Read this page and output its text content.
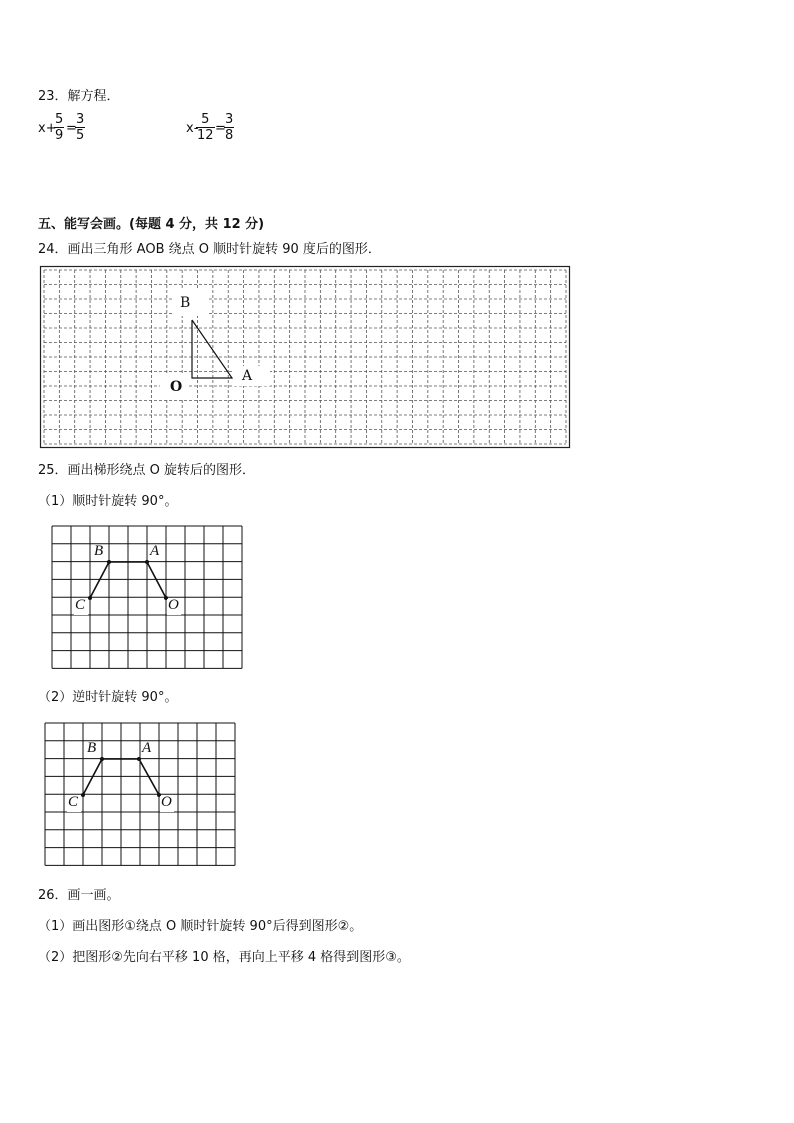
23．解方程．
x+
$\frac{5}{9}$ =
$\frac{3}{5}$	x-
$\frac{5}{12}$ =
$\frac{3}{8}$
五、能写会画。(每题 4 分，共 12 分)
24．画出三角形 AOB 绕点 O 顺时针旋转 90 度后的图形．
B
A
O
25．画出梯形绕点 O 旋转后的图形．
（1）顺时针旋转 90°。
B	A
C	O
（2）逆时针旋转 90°。
B	A
C	O
26．画一画。
（1）画出图形①绕点 O 顺时针旋转 90°后得到图形②。
（2）把图形②先向右平移 10 格，再向上平移 4 格得到图形③。
